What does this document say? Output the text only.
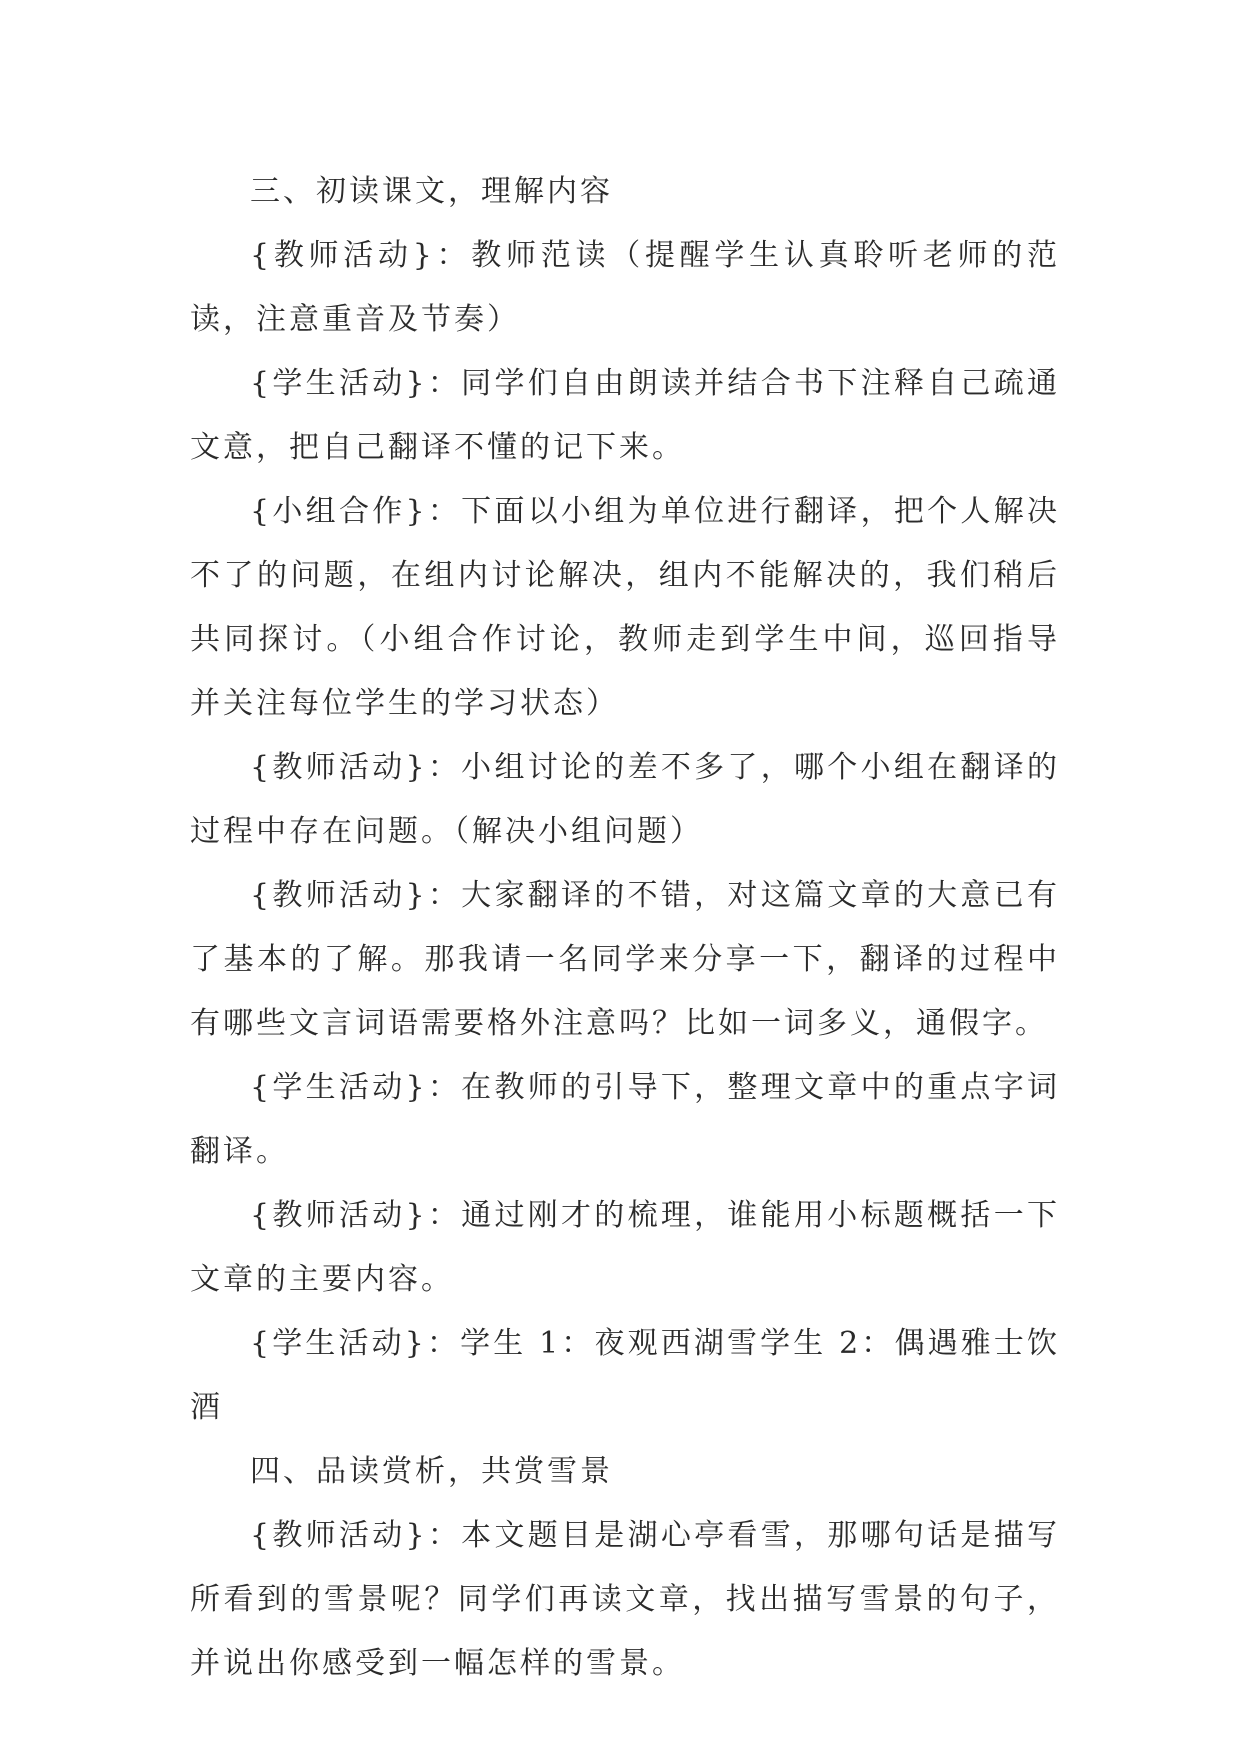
三、初读课文，理解内容

{教师活动}：教师范读（提醒学生认真聆听老师的范读，注意重音及节奏）

{学生活动}：同学们自由朗读并结合书下注释自己疏通文意，把自己翻译不懂的记下来。

{小组合作}：下面以小组为单位进行翻译，把个人解决不了的问题，在组内讨论解决，组内不能解决的，我们稍后共同探讨。（小组合作讨论，教师走到学生中间，巡回指导并关注每位学生的学习状态）

{教师活动}：小组讨论的差不多了，哪个小组在翻译的过程中存在问题。（解决小组问题）

{教师活动}：大家翻译的不错，对这篇文章的大意已有了基本的了解。那我请一名同学来分享一下，翻译的过程中有哪些文言词语需要格外注意吗？比如一词多义，通假字。

{学生活动}：在教师的引导下，整理文章中的重点字词翻译。

{教师活动}：通过刚才的梳理，谁能用小标题概括一下文章的主要内容。

{学生活动}：学生 1：夜观西湖雪学生 2：偶遇雅士饮酒

四、品读赏析，共赏雪景

{教师活动}：本文题目是湖心亭看雪，那哪句话是描写所看到的雪景呢？同学们再读文章，找出描写雪景的句子，并说出你感受到一幅怎样的雪景。
